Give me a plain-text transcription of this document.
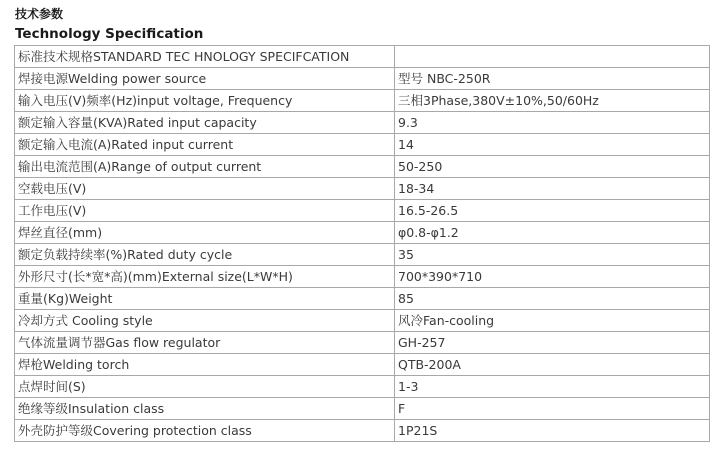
技术参数
Technology Specification
标准技术规格STANDARD TEC HNOLOGY SPECIFCATION	
焊接电源Welding power source	型号 NBC-250R
输入电压(V)频率(Hz)input voltage, Frequency	三相3Phase,380V±10%,50/60Hz
额定输入容量(KVA)Rated input capacity	9.3
额定输入电流(A)Rated input current	14
输出电流范围(A)Range of output current	50-250
空载电压(V)	18-34
工作电压(V)	16.5-26.5
焊丝直径(mm)	φ0.8-φ1.2
额定负载持续率(%)Rated duty cycle	35
外形尺寸(长*宽*高)(mm)External size(L*W*H)	700*390*710
重量(Kg)Weight	85
冷却方式 Cooling style	风冷Fan-cooling
气体流量调节器Gas flow regulator	GH-257
焊枪Welding torch	QTB-200A
点焊时间(S)	1-3
绝缘等级Insulation class	F
外壳防护等级Covering protection class	1P21S
